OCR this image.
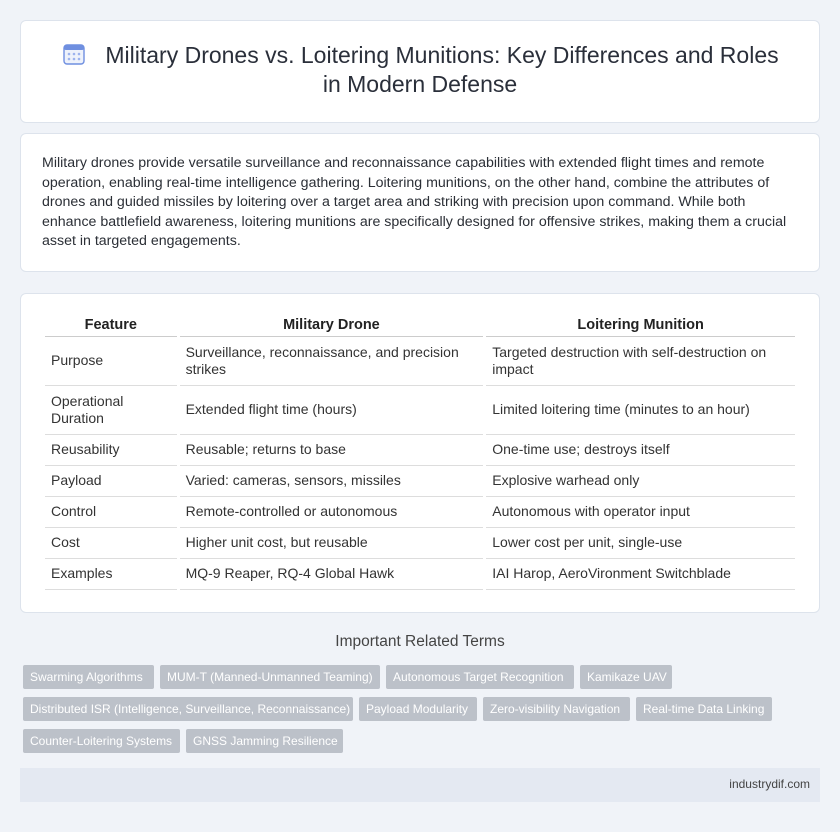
Military Drones vs. Loitering Munitions: Key Differences and Roles in Modern Defense

Military drones provide versatile surveillance and reconnaissance capabilities with extended flight times and remote operation, enabling real-time intelligence gathering. Loitering munitions, on the other hand, combine the attributes of drones and guided missiles by loitering over a target area and striking with precision upon command. While both enhance battlefield awareness, loitering munitions are specifically designed for offensive strikes, making them a crucial asset in targeted engagements.

Feature	Military Drone	Loitering Munition
Purpose	Surveillance, reconnaissance, and precision strikes	Targeted destruction with self-destruction on impact
Operational Duration	Extended flight time (hours)	Limited loitering time (minutes to an hour)
Reusability	Reusable; returns to base	One-time use; destroys itself
Payload	Varied: cameras, sensors, missiles	Explosive warhead only
Control	Remote-controlled or autonomous	Autonomous with operator input
Cost	Higher unit cost, but reusable	Lower cost per unit, single-use
Examples	MQ-9 Reaper, RQ-4 Global Hawk	IAI Harop, AeroVironment Switchblade
Important Related Terms
Swarming Algorithms	MUM-T (Manned-Unmanned Teaming)	Autonomous Target Recognition	Kamikaze UAV
Distributed ISR (Intelligence, Surveillance, Reconnaissance)	Payload Modularity	Zero-visibility Navigation	Real-time Data Linking
Counter-Loitering Systems	GNSS Jamming Resilience
industrydif.com
